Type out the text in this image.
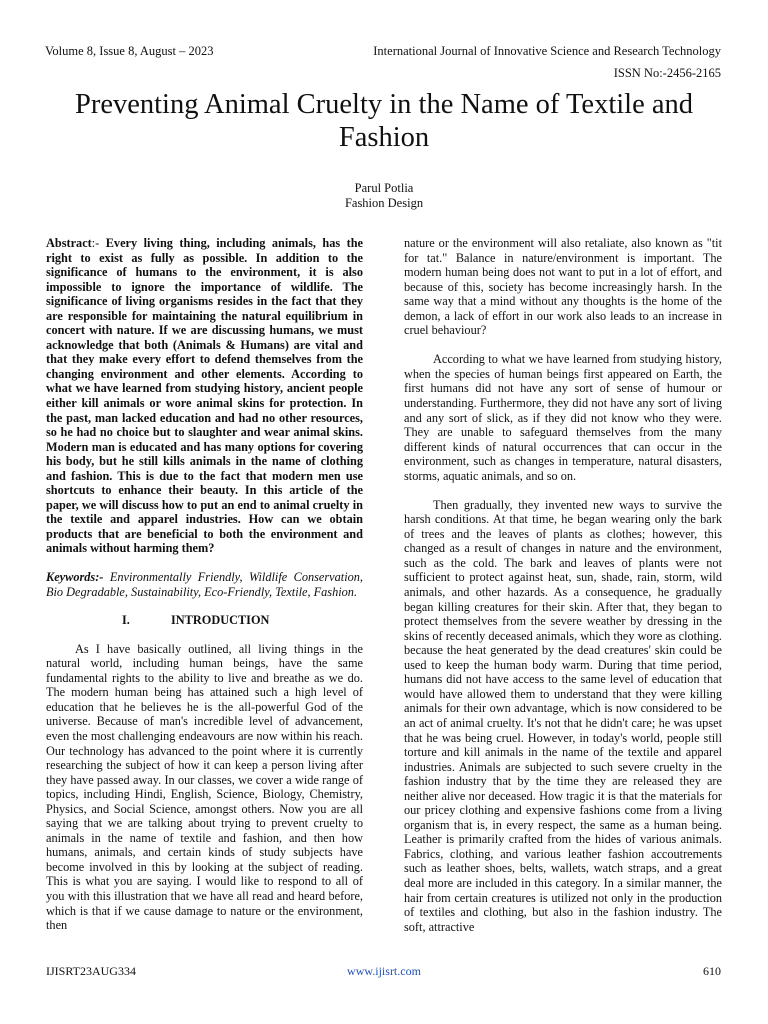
Volume 8, Issue 8, August – 2023	International Journal of Innovative Science and Research Technology
ISSN No:-2456-2165
Preventing Animal Cruelty in the Name of Textile and Fashion
Parul Potlia
Fashion Design

Abstract:- Every living thing, including animals, has the right to exist as fully as possible. In addition to the significance of humans to the environment, it is also impossible to ignore the importance of wildlife. The significance of living organisms resides in the fact that they are responsible for maintaining the natural equilibrium in concert with nature. If we are discussing humans, we must acknowledge that both (Animals & Humans) are vital and that they make every effort to defend themselves from the changing environment and other elements. According to what we have learned from studying history, ancient people either kill animals or wore animal skins for protection. In the past, man lacked education and had no other resources, so he had no choice but to slaughter and wear animal skins. Modern man is educated and has many options for covering his body, but he still kills animals in the name of clothing and fashion. This is due to the fact that modern men use shortcuts to enhance their beauty. In this article of the paper, we will discuss how to put an end to animal cruelty in the textile and apparel industries. How can we obtain products that are beneficial to both the environment and animals without harming them?

Keywords:- Environmentally Friendly, Wildlife Conservation, Bio Degradable, Sustainability, Eco-Friendly, Textile, Fashion.

I.	INTRODUCTION

As I have basically outlined, all living things in the natural world, including human beings, have the same fundamental rights to the ability to live and breathe as we do. The modern human being has attained such a high level of education that he believes he is the all-powerful God of the universe. Because of man's incredible level of advancement, even the most challenging endeavours are now within his reach. Our technology has advanced to the point where it is currently researching the subject of how it can keep a person living after they have passed away. In our classes, we cover a wide range of topics, including Hindi, English, Science, Biology, Chemistry, Physics, and Social Science, amongst others. Now you are all saying that we are talking about trying to prevent cruelty to animals in the name of textile and fashion, and then how humans, animals, and certain kinds of study subjects have become involved in this by looking at the subject of reading. This is what you are saying. I would like to respond to all of you with this illustration that we have all read and heard before, which is that if we cause damage to nature or the environment, then

nature or the environment will also retaliate, also known as "tit for tat." Balance in nature/environment is important. The modern human being does not want to put in a lot of effort, and because of this, society has become increasingly harsh. In the same way that a mind without any thoughts is the home of the demon, a lack of effort in our work also leads to an increase in cruel behaviour?

According to what we have learned from studying history, when the species of human beings first appeared on Earth, the first humans did not have any sort of sense of humour or understanding. Furthermore, they did not have any sort of living and any sort of slick, as if they did not know who they were. They are unable to safeguard themselves from the many different kinds of natural occurrences that can occur in the environment, such as changes in temperature, natural disasters, storms, aquatic animals, and so on.

Then gradually, they invented new ways to survive the harsh conditions. At that time, he began wearing only the bark of trees and the leaves of plants as clothes; however, this changed as a result of changes in nature and the environment, such as the cold. The bark and leaves of plants were not sufficient to protect against heat, sun, shade, rain, storm, wild animals, and other hazards. As a consequence, he gradually began killing creatures for their skin. After that, they began to protect themselves from the severe weather by dressing in the skins of recently deceased animals, which they wore as clothing. because the heat generated by the dead creatures' skin could be used to keep the human body warm. During that time period, humans did not have access to the same level of education that would have allowed them to understand that they were killing animals for their own advantage, which is now considered to be an act of animal cruelty. It's not that he didn't care; he was upset that he was being cruel. However, in today's world, people still torture and kill animals in the name of the textile and apparel industries. Animals are subjected to such severe cruelty in the fashion industry that by the time they are released they are neither alive nor deceased. How tragic it is that the materials for our pricey clothing and expensive fashions come from a living organism that is, in every respect, the same as a human being. Leather is primarily crafted from the hides of various animals. Fabrics, clothing, and various leather fashion accoutrements such as leather shoes, belts, wallets, watch straps, and a great deal more are included in this category. In a similar manner, the hair from certain creatures is utilized not only in the production of textiles and clothing, but also in the fashion industry. The soft, attractive

IJISRT23AUG334	www.ijisrt.com	610
